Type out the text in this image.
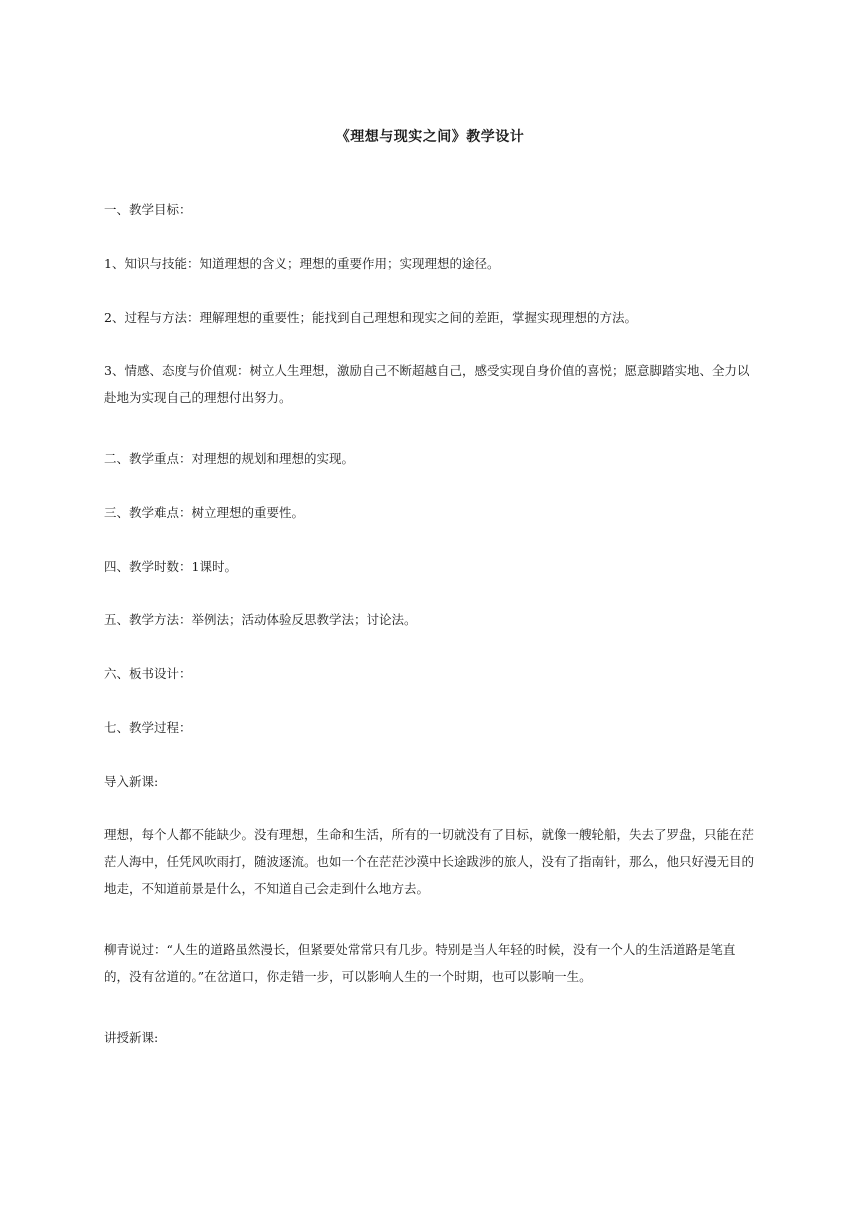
《理想与现实之间》教学设计

一、教学目标：

1、知识与技能：知道理想的含义；理想的重要作用；实现理想的途径。

2、过程与方法：理解理想的重要性；能找到自己理想和现实之间的差距，掌握实现理想的方法。

3、情感、态度与价值观：树立人生理想，激励自己不断超越自己，感受实现自身价值的喜悦；愿意脚踏实地、全力以赴地为实现自己的理想付出努力。

二、教学重点：对理想的规划和理想的实现。

三、教学难点：树立理想的重要性。

四、教学时数：1课时。

五、教学方法：举例法；活动体验反思教学法；讨论法。

六、板书设计：

七、教学过程：

导入新课:

理想，每个人都不能缺少。没有理想，生命和生活，所有的一切就没有了目标，就像一艘轮船，失去了罗盘，只能在茫茫人海中，任凭风吹雨打，随波逐流。也如一个在茫茫沙漠中长途跋涉的旅人，没有了指南针，那么，他只好漫无目的地走，不知道前景是什么，不知道自己会走到什么地方去。

柳青说过：“人生的道路虽然漫长，但紧要处常常只有几步。特别是当人年轻的时候，没有一个人的生活道路是笔直的，没有岔道的。”在岔道口，你走错一步，可以影响人生的一个时期，也可以影响一生。

讲授新课:
